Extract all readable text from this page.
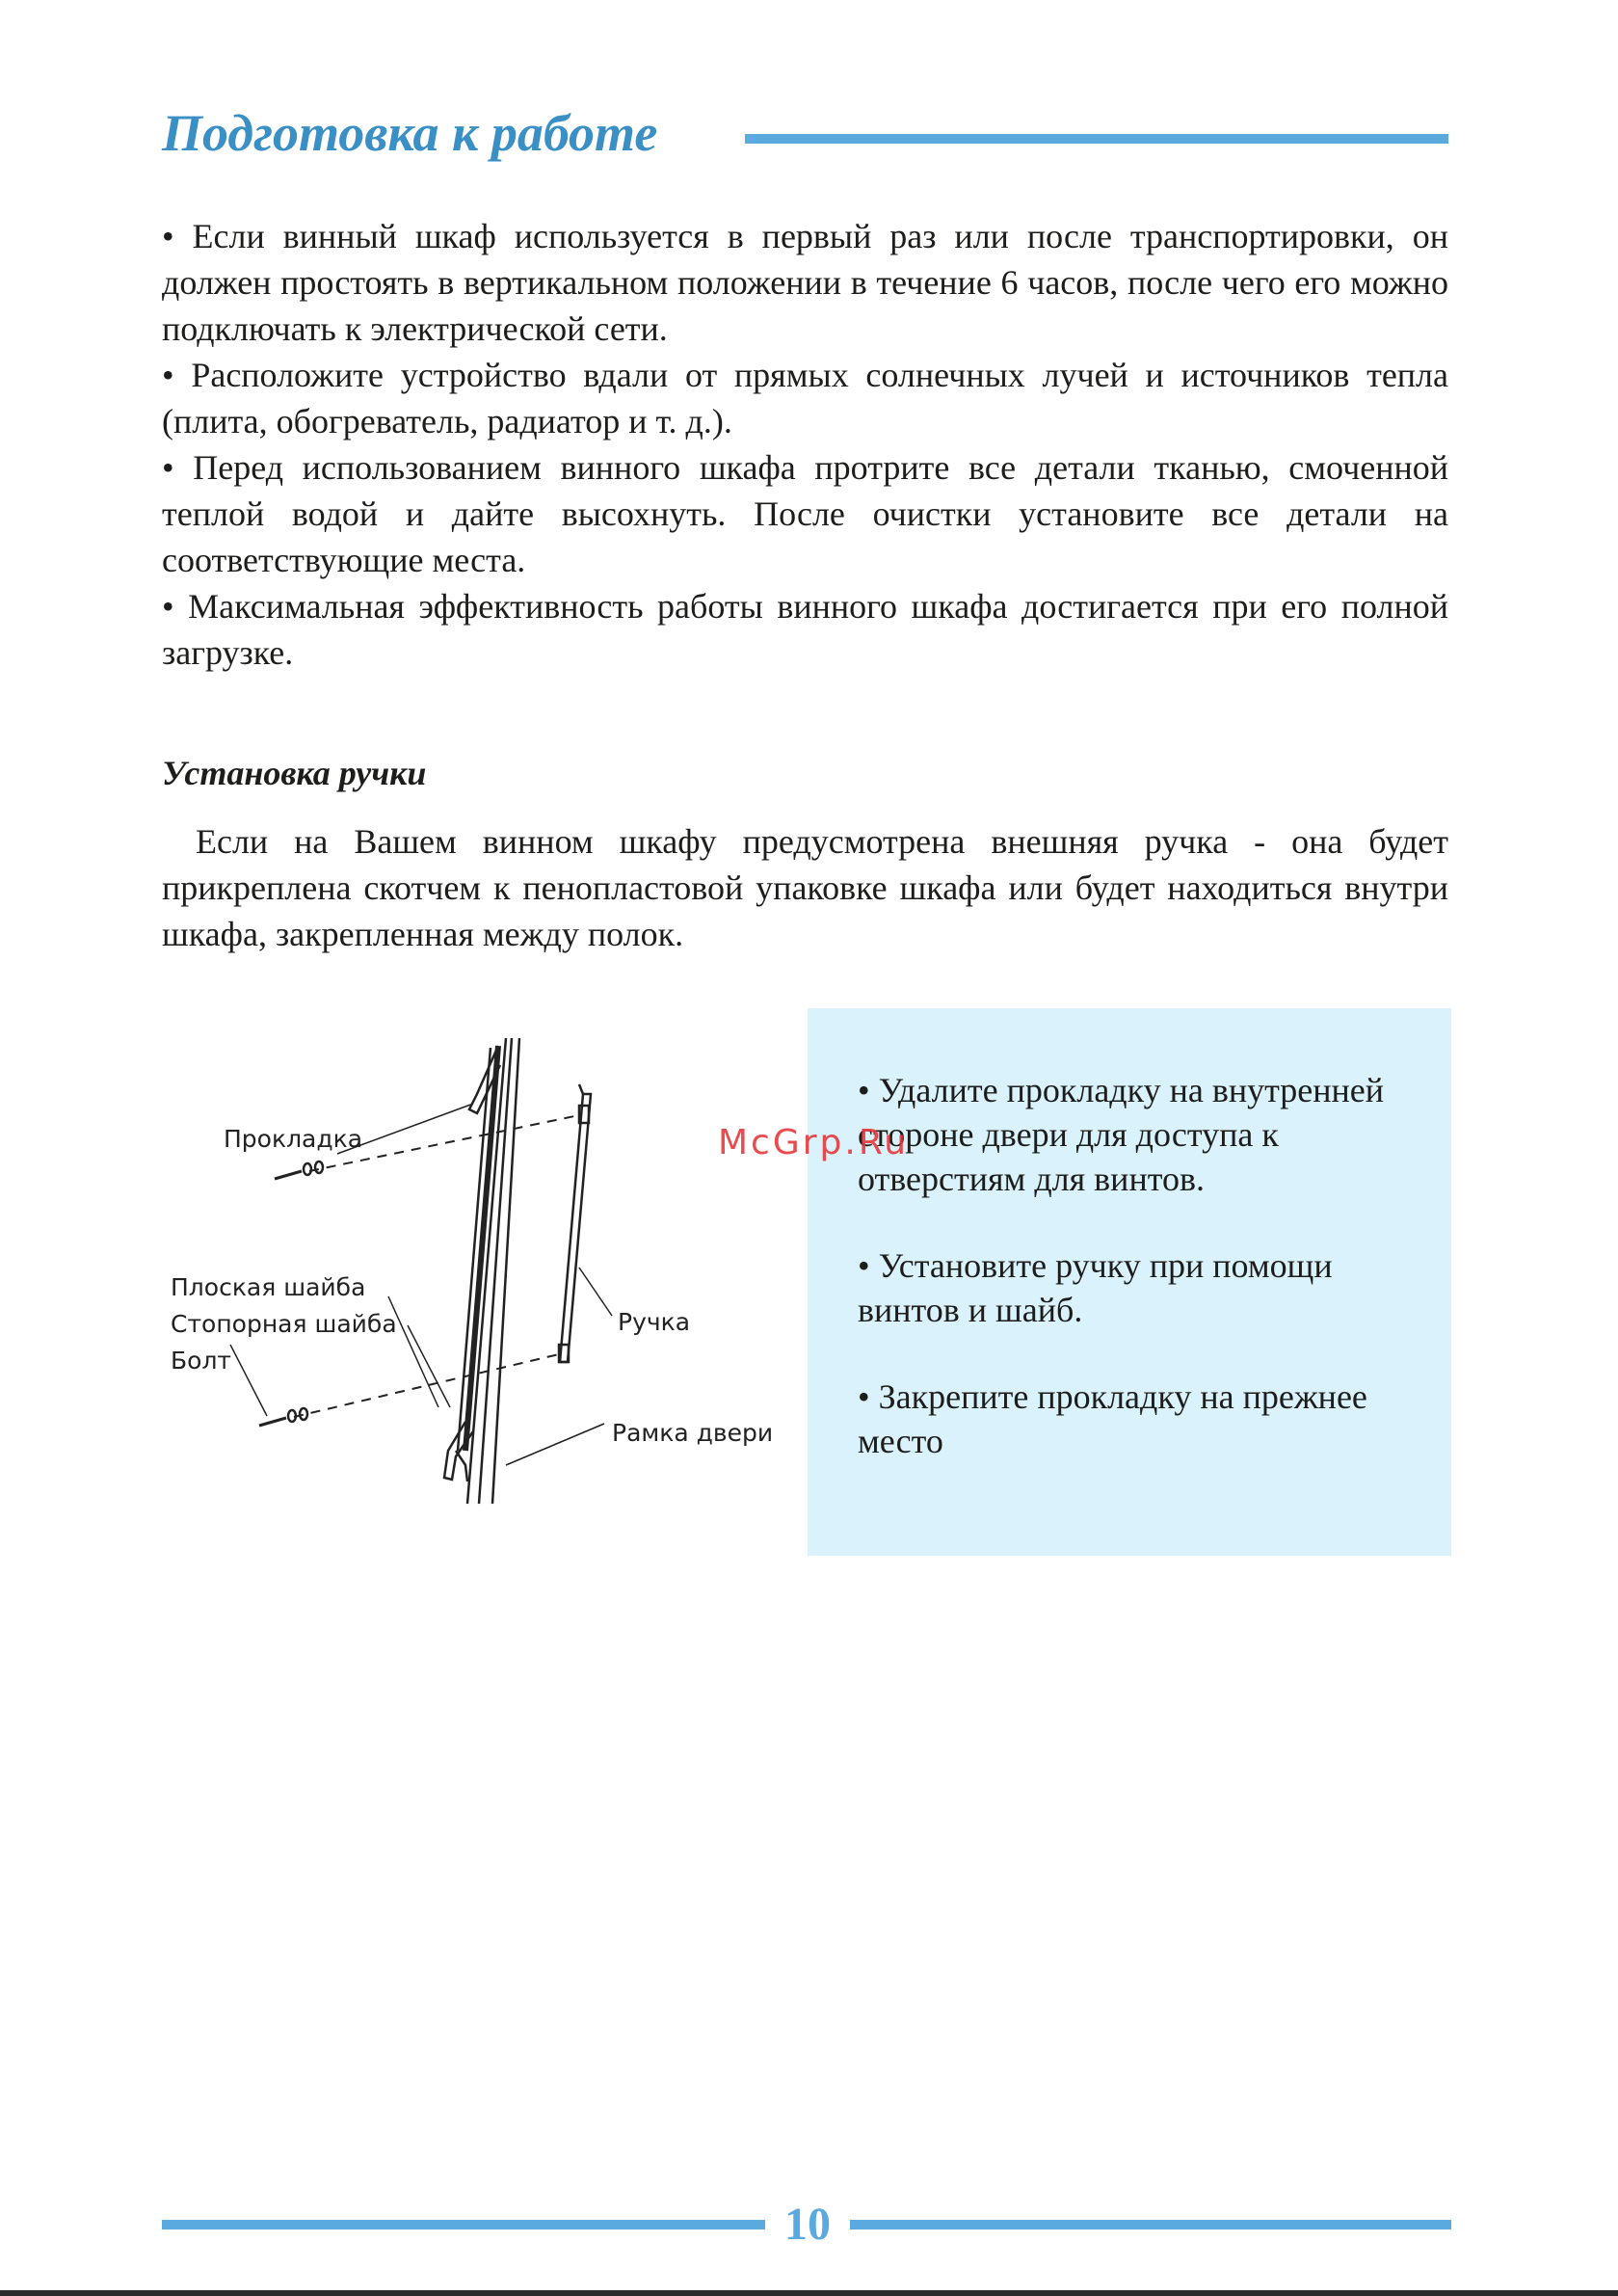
Подготовка к работе

• Если винный шкаф используется в первый раз или после транспортировки, он должен простоять в вертикальном положении в течение 6 часов, после чего его можно подключать к электрической сети.

• Расположите устройство вдали от прямых солнечных лучей и источников тепла (плита, обогреватель, радиатор и т. д.).

• Перед использованием винного шкафа протрите все детали тканью, смоченной теплой водой и дайте высохнуть. После очистки установите все детали на соответствующие места.

• Максимальная эффективность работы винного шкафа достигается при его полной загрузке.

Установка ручки

Если на Вашем винном шкафу предусмотрена внешняя ручка - она будет прикреплена скотчем к пенопластовой упаковке шкафа или будет находиться внутри шкафа, закрепленная между полок.

Прокладка
Плоская шайба
Стопорная шайба
Болт
Ручка
Рамка двери

• Удалите прокладку на внутренней стороне двери для доступа к отверстиям для винтов.

• Установите ручку при помощи винтов и шайб.

• Закрепите прокладку на прежнее место

McGrp.Ru
10
